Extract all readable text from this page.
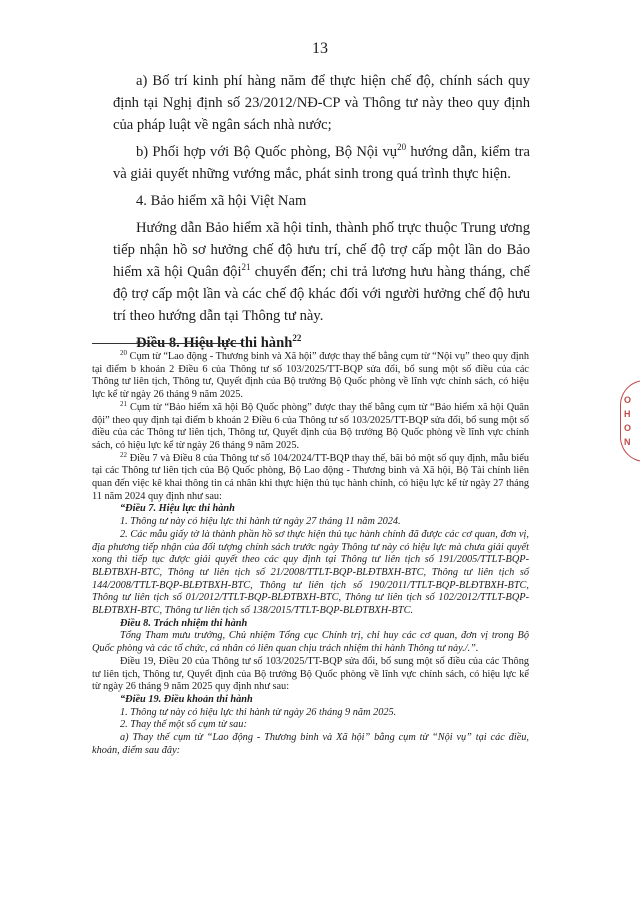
13

a) Bố trí kinh phí hàng năm để thực hiện chế độ, chính sách quy định tại Nghị định số 23/2012/NĐ-CP và Thông tư này theo quy định của pháp luật về ngân sách nhà nước;

b) Phối hợp với Bộ Quốc phòng, Bộ Nội vụ$^{20}$ hướng dẫn, kiểm tra và giải quyết những vướng mắc, phát sinh trong quá trình thực hiện.

4. Bảo hiểm xã hội Việt Nam

Hướng dẫn Bảo hiểm xã hội tỉnh, thành phố trực thuộc Trung ương tiếp nhận hồ sơ hưởng chế độ hưu trí, chế độ trợ cấp một lần do Bảo hiểm xã hội Quân đội$^{21}$ chuyển đến; chi trả lương hưu hàng tháng, chế độ trợ cấp một lần và các chế độ khác đối với người hưởng chế độ hưu trí theo hướng dẫn tại Thông tư này.

Điều 8. Hiệu lực thi hành$^{22}$

$^{20}$ Cụm từ “Lao động - Thương binh và Xã hội” được thay thế bằng cụm từ “Nội vụ” theo quy định tại điểm b khoản 2 Điều 6 của Thông tư số 103/2025/TT-BQP sửa đổi, bổ sung một số điều của các Thông tư liên tịch, Thông tư, Quyết định của Bộ trưởng Bộ Quốc phòng về lĩnh vực chính sách, có hiệu lực kể từ ngày 26 tháng 9 năm 2025.

$^{21}$ Cụm từ “Bảo hiểm xã hội Bộ Quốc phòng” được thay thế bằng cụm từ “Bảo hiểm xã hội Quân đội” theo quy định tại điểm b khoản 2 Điều 6 của Thông tư số 103/2025/TT-BQP sửa đổi, bổ sung một số điều của các Thông tư liên tịch, Thông tư, Quyết định của Bộ trưởng Bộ Quốc phòng về lĩnh vực chính sách, có hiệu lực kể từ ngày 26 tháng 9 năm 2025.

$^{22}$ Điều 7 và Điều 8 của Thông tư số 104/2024/TT-BQP thay thế, bãi bỏ một số quy định, mẫu biểu tại các Thông tư liên tịch của Bộ Quốc phòng, Bộ Lao động - Thương binh và Xã hội, Bộ Tài chính liên quan đến việc kê khai thông tin cá nhân khi thực hiện thủ tục hành chính, có hiệu lực kể từ ngày 27 tháng 11 năm 2024 quy định như sau:

“Điều 7. Hiệu lực thi hành

1. Thông tư này có hiệu lực thi hành từ ngày 27 tháng 11 năm 2024.

2. Các mẫu giấy tờ là thành phần hồ sơ thực hiện thủ tục hành chính đã được các cơ quan, đơn vị, địa phương tiếp nhận của đối tượng chính sách trước ngày Thông tư này có hiệu lực mà chưa giải quyết xong thì tiếp tục được giải quyết theo các quy định tại Thông tư liên tịch số 191/2005/TTLT-BQP-BLĐTBXH-BTC, Thông tư liên tịch số 21/2008/TTLT-BQP-BLĐTBXH-BTC, Thông tư liên tịch số 144/2008/TTLT-BQP-BLĐTBXH-BTC, Thông tư liên tịch số 190/2011/TTLT-BQP-BLĐTBXH-BTC, Thông tư liên tịch số 01/2012/TTLT-BQP-BLĐTBXH-BTC, Thông tư liên tịch số 102/2012/TTLT-BQP-BLĐTBXH-BTC, Thông tư liên tịch số 138/2015/TTLT-BQP-BLĐTBXH-BTC.

Điều 8. Trách nhiệm thi hành

Tổng Tham mưu trưởng, Chủ nhiệm Tổng cục Chính trị, chỉ huy các cơ quan, đơn vị trong Bộ Quốc phòng và các tổ chức, cá nhân có liên quan chịu trách nhiệm thi hành Thông tư này./.”.

Điều 19, Điều 20 của Thông tư số 103/2025/TT-BQP sửa đổi, bổ sung một số điều của các Thông tư liên tịch, Thông tư, Quyết định của Bộ trưởng Bộ Quốc phòng về lĩnh vực chính sách, có hiệu lực kể từ ngày 26 tháng 9 năm 2025 quy định như sau:

“Điều 19. Điều khoản thi hành

1. Thông tư này có hiệu lực thi hành từ ngày 26 tháng 9 năm 2025.

2. Thay thế một số cụm từ sau:

a) Thay thế cụm từ “Lao động - Thương binh và Xã hội” bằng cụm từ “Nội vụ” tại các điều, khoản, điểm sau đây:

O
H
O
N
